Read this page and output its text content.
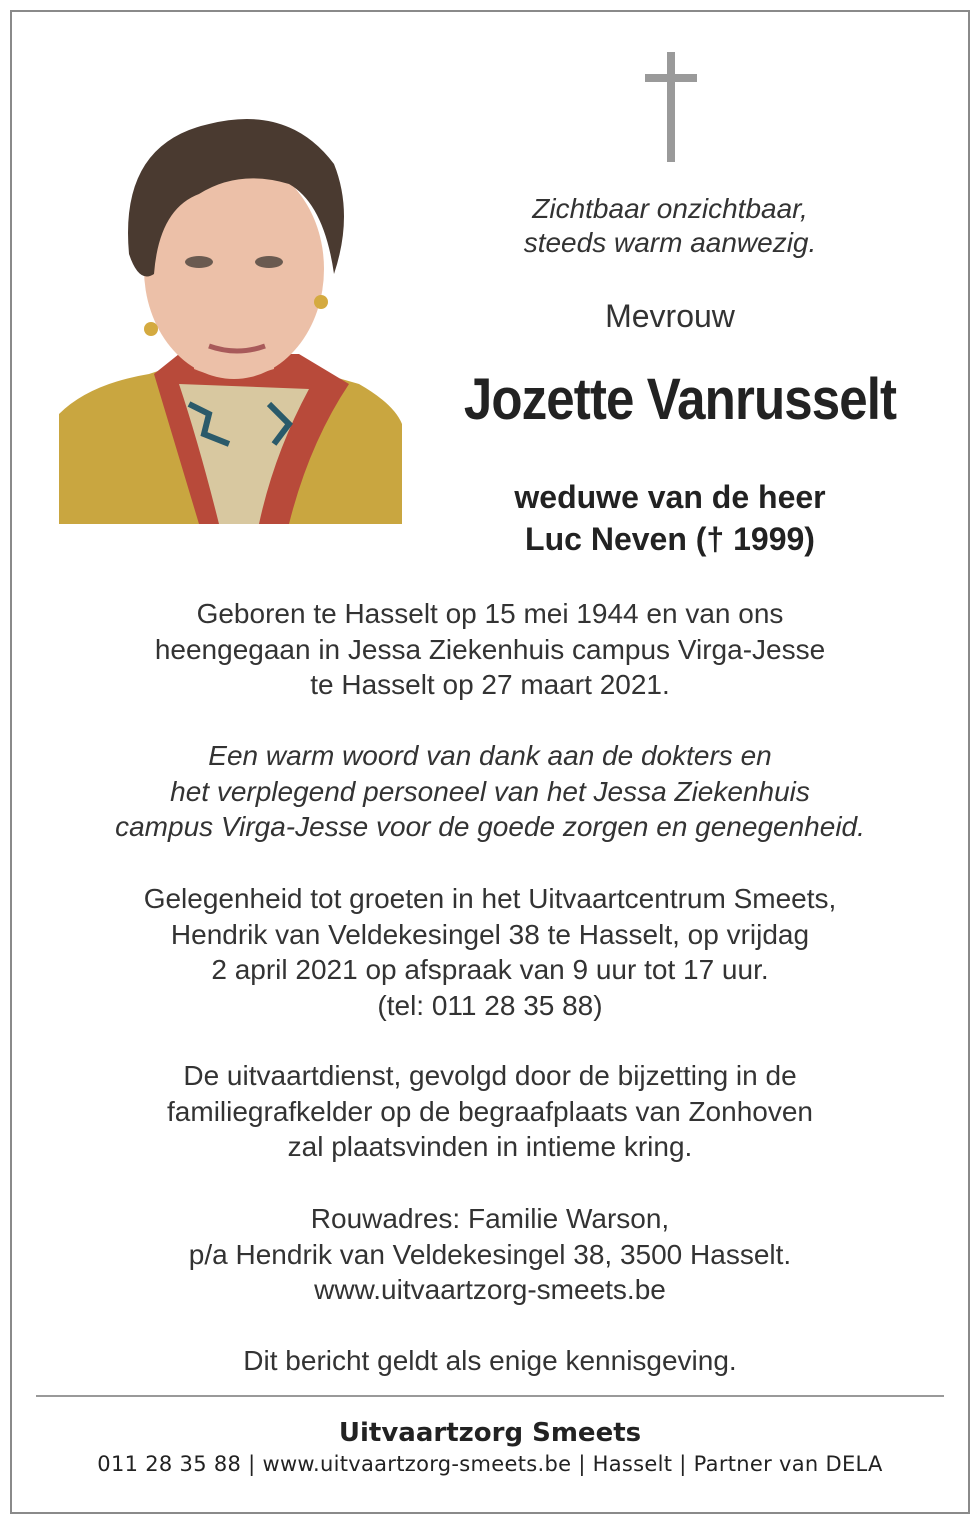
Zichtbaar onzichtbaar,
steeds warm aanwezig.
Mevrouw
Jozette Vanrusselt
weduwe van de heer
Luc Neven († 1999)
Geboren te Hasselt op 15 mei 1944 en van ons
heengegaan in Jessa Ziekenhuis campus Virga-Jesse
te Hasselt op 27 maart 2021.
Een warm woord van dank aan de dokters en
het verplegend personeel van het Jessa Ziekenhuis
campus Virga-Jesse voor de goede zorgen en genegenheid.
Gelegenheid tot groeten in het Uitvaartcentrum Smeets,
Hendrik van Veldekesingel 38 te Hasselt, op vrijdag
2 april 2021 op afspraak van 9 uur tot 17 uur.
(tel: 011 28 35 88)
De uitvaartdienst, gevolgd door de bijzetting in de
familiegrafkelder op de begraafplaats van Zonhoven
zal plaatsvinden in intieme kring.
Rouwadres: Familie Warson,
p/a Hendrik van Veldekesingel 38, 3500 Hasselt.
www.uitvaartzorg-smeets.be
Dit bericht geldt als enige kennisgeving.
Uitvaartzorg Smeets
011 28 35 88 | www.uitvaartzorg-smeets.be | Hasselt | Partner van DELA
